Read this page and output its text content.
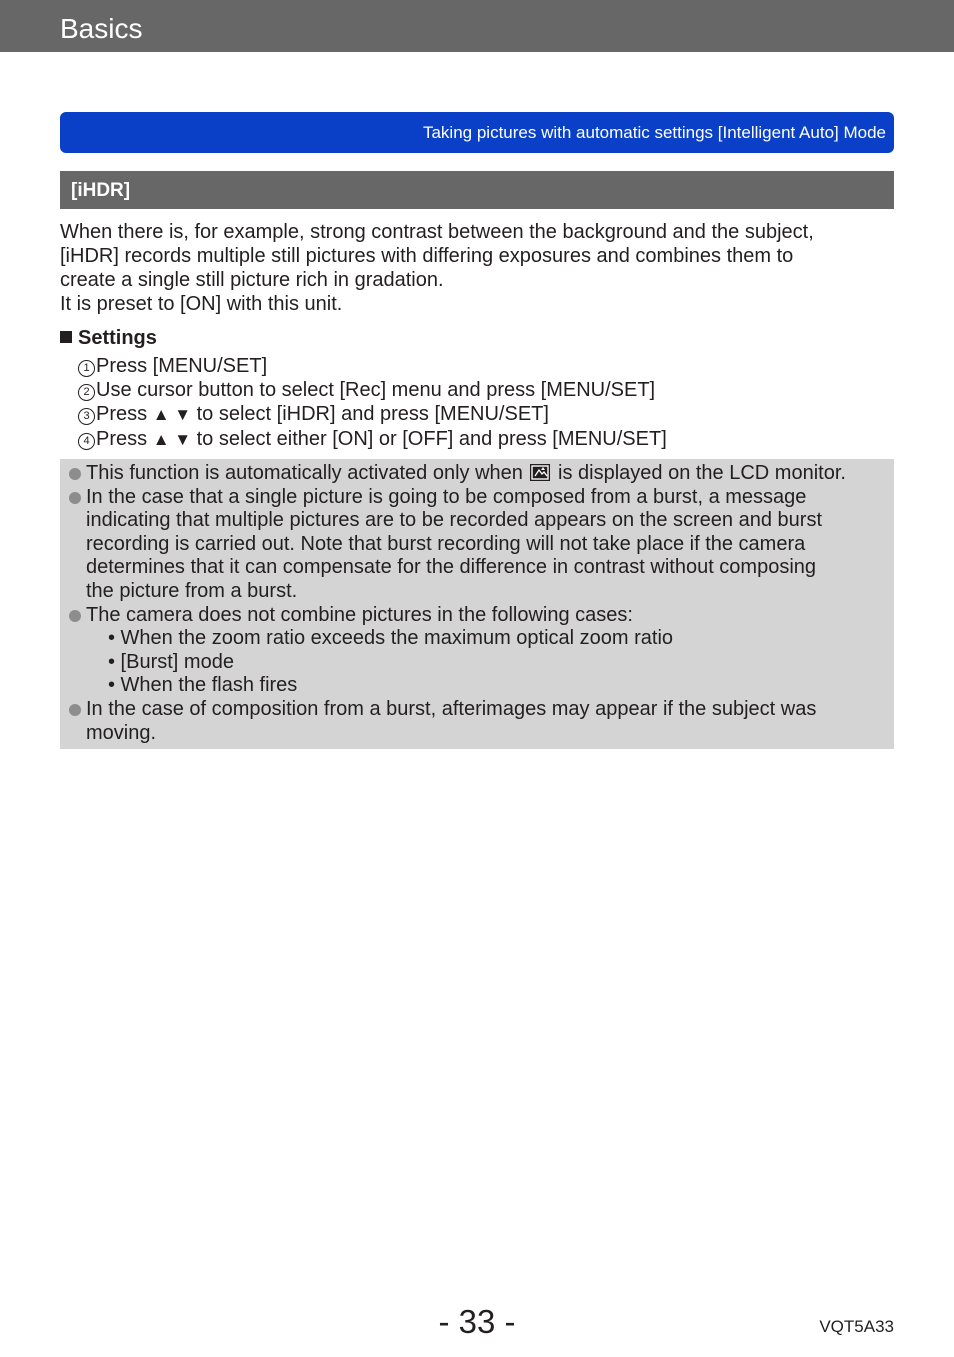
Basics
Taking pictures with automatic settings [Intelligent Auto] Mode
[iHDR]
When there is, for example, strong contrast between the background and the subject,
[iHDR] records multiple still pictures with differing exposures and combines them to
create a single still picture rich in gradation.
It is preset to [ON] with this unit.
Settings
1 Press [MENU/SET]
2 Use cursor button to select [Rec] menu and press [MENU/SET]
3 Press ▲ ▼ to select [iHDR] and press [MENU/SET]
4 Press ▲ ▼ to select either [ON] or [OFF] and press [MENU/SET]
This function is automatically activated only when is displayed on the LCD monitor.
In the case that a single picture is going to be composed from a burst, a message
indicating that multiple pictures are to be recorded appears on the screen and burst
recording is carried out. Note that burst recording will not take place if the camera
determines that it can compensate for the difference in contrast without composing
the picture from a burst.
The camera does not combine pictures in the following cases:
• When the zoom ratio exceeds the maximum optical zoom ratio
• [Burst] mode
• When the flash fires
In the case of composition from a burst, afterimages may appear if the subject was
moving.
- 33 -	VQT5A33
